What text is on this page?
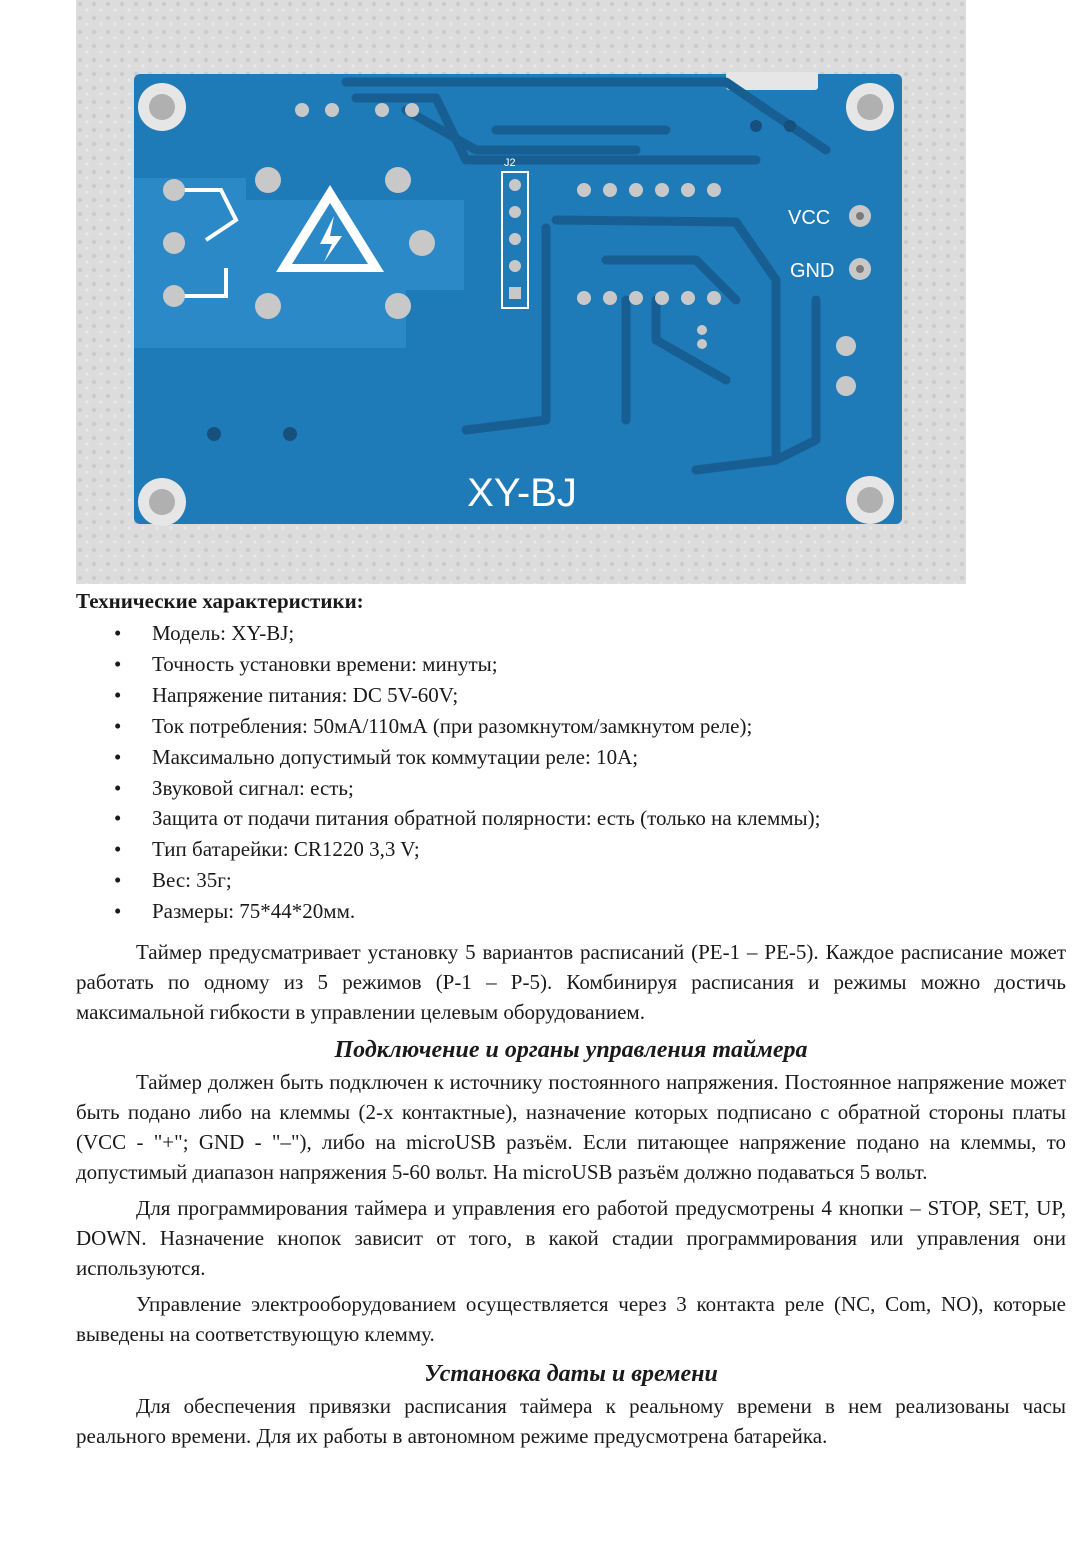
J2
VCC
GND
XY-BJ

Технические характеристики:

• Модель: XY-BJ;
• Точность установки времени: минуты;
• Напряжение питания: DC 5V-60V;
• Ток потребления: 50мА/110мА (при разомкнутом/замкнутом реле);
• Максимально допустимый ток коммутации реле: 10А;
• Звуковой сигнал: есть;
• Защита от подачи питания обратной полярности: есть (только на клеммы);
• Тип батарейки: CR1220 3,3 V;
• Вес: 35г;
• Размеры: 75*44*20мм.

Таймер предусматривает установку 5 вариантов расписаний (PE-1 – PE-5). Каждое расписание может работать по одному из 5 режимов (P-1 – P-5). Комбинируя расписания и режимы можно достичь максимальной гибкости в управлении целевым оборудованием.

Подключение и органы управления таймера

Таймер должен быть подключен к источнику постоянного напряжения. Постоянное напряжение может быть подано либо на клеммы (2-х контактные), назначение которых подписано с обратной стороны платы (VCC - "+"; GND - "–"), либо на microUSB разъём. Если питающее напряжение подано на клеммы, то допустимый диапазон напряжения 5-60 вольт. На microUSB разъём должно подаваться 5 вольт.

Для программирования таймера и управления его работой предусмотрены 4 кнопки – STOP, SET, UP, DOWN. Назначение кнопок зависит от того, в какой стадии программирования или управления они используются.

Управление электрооборудованием осуществляется через 3 контакта реле (NC, Com, NO), которые выведены на соответствующую клемму.

Установка даты и времени

Для обеспечения привязки расписания таймера к реальному времени в нем реализованы часы реального времени. Для их работы в автономном режиме предусмотрена батарейка.
